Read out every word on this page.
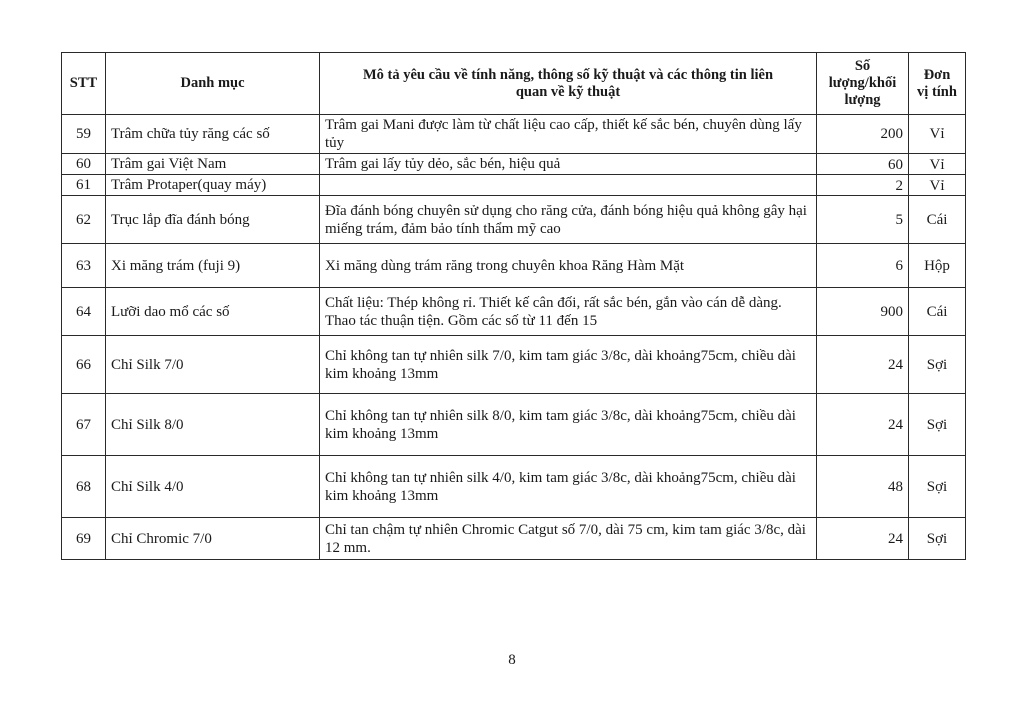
STT	Danh mục	Mô tả yêu cầu về tính năng, thông số kỹ thuật và các thông tin liên quan về kỹ thuật	Số lượng/khối lượng	Đơn vị tính
59	Trâm chữa tủy răng các số	Trâm gai Mani được làm từ chất liệu cao cấp, thiết kế sắc bén, chuyên dùng lấy tủy	200	Vỉ
60	Trâm gai Việt Nam	Trâm gai lấy tủy dẻo, sắc bén, hiệu quả	60	Vỉ
61	Trâm Protaper(quay máy)		2	Vỉ
62	Trục lắp đĩa đánh bóng	Đĩa đánh bóng chuyên sử dụng cho răng cửa, đánh bóng hiệu quả không gây hại miếng trám, đảm bảo tính thẩm mỹ cao	5	Cái
63	Xi măng trám (fuji 9)	Xi măng dùng trám răng trong chuyên khoa Răng Hàm Mặt	6	Hộp
64	Lưỡi dao mổ các số	Chất liệu: Thép không rỉ. Thiết kế cân đối, rất sắc bén, gắn vào cán dễ dàng. Thao tác thuận tiện. Gồm các số từ 11 đến 15	900	Cái
66	Chỉ Silk 7/0	Chỉ không tan tự nhiên silk 7/0, kim tam giác 3/8c, dài khoảng75cm, chiều dài kim khoảng 13mm	24	Sợi
67	Chỉ Silk 8/0	Chỉ không tan tự nhiên silk 8/0, kim tam giác 3/8c, dài khoảng75cm, chiều dài kim khoảng 13mm	24	Sợi
68	Chỉ Silk 4/0	Chỉ không tan tự nhiên silk 4/0, kim tam giác 3/8c, dài khoảng75cm, chiều dài kim khoảng 13mm	48	Sợi
69	Chỉ Chromic 7/0	Chỉ tan chậm tự nhiên Chromic Catgut số 7/0, dài 75 cm, kim tam giác 3/8c, dài 12 mm.	24	Sợi
8
